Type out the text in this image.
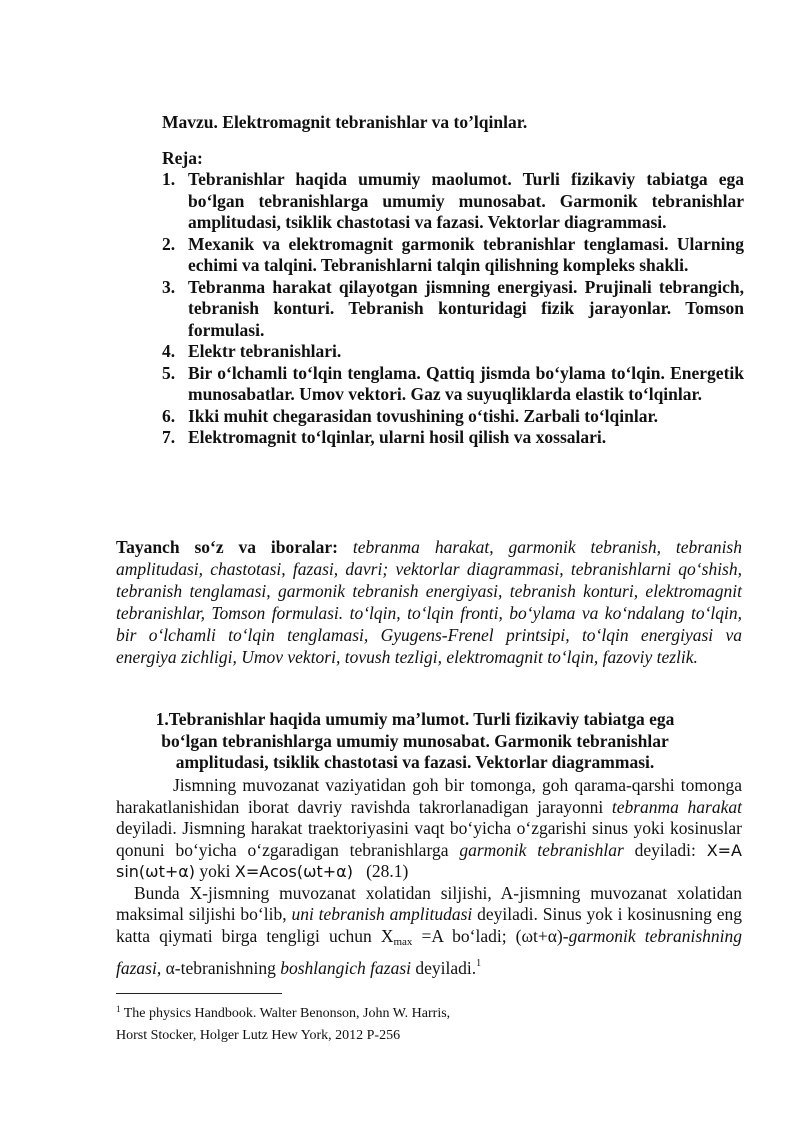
Mavzu. Elektromagnit tebranishlar va to’lqinlar.
Reja:
1. Tebranishlar haqida umumiy maolumot. Turli fizikaviy tabiatga ega bo‘lgan tebranishlarga umumiy munosabat. Garmonik tebranishlar amplitudasi, tsiklik chastotasi va fazasi. Vektorlar diagrammasi.
2. Mexanik va elektromagnit garmonik tebranishlar tenglamasi. Ularning echimi va talqini. Tebranishlarni talqin qilishning kompleks shakli.
3. Tebranma harakat qilayotgan jismning energiyasi. Prujinali tebrangich, tebranish konturi. Tebranish konturidagi fizik jarayonlar. Tomson formulasi.
4. Elektr tebranishlari.
5. Bir o‘lchamli to‘lqin tenglama. Qattiq jismda bo‘ylama to‘lqin. Energetik munosabatlar. Umov vektori. Gaz va suyuqliklarda elastik to‘lqinlar.
6. Ikki muhit chegarasidan tovushining o‘tishi. Zarbali to‘lqinlar.
7. Elektromagnit to‘lqinlar, ularni hosil qilish va xossalari.
Tayanch so‘z va iboralar: tebranma harakat, garmonik tebranish, tebranish amplitudasi, chastotasi, fazasi, davri; vektorlar diagrammasi, tebranishlarni qo‘shish, tebranish tenglamasi, garmonik tebranish energiyasi, tebranish konturi, elektromagnit tebranishlar, Tomson formulasi. to‘lqin, to‘lqin fronti, bo‘ylama va ko‘ndalang to‘lqin, bir o‘lchamli to‘lqin tenglamasi, Gyugens-Frenel printsipi, to‘lqin energiyasi va energiya zichligi, Umov vektori, tovush tezligi, elektromagnit to‘lqin, fazoviy tezlik.
1.Tebranishlar haqida umumiy ma’lumot. Turli fizikaviy tabiatga ega bo‘lgan tebranishlarga umumiy munosabat. Garmonik tebranishlar amplitudasi, tsiklik chastotasi va fazasi. Vektorlar diagrammasi.

Jismning muvozanat vaziyatidan goh bir tomonga, goh qarama-qarshi tomonga harakatlanishidan iborat davriy ravishda takrorlanadigan jarayonni tebranma harakat deyiladi. Jismning harakat traektoriyasini vaqt bo‘yicha o‘zgarishi sinus yoki kosinuslar qonuni bo‘yicha o‘zgaradigan tebranishlarga garmonik tebranishlar deyiladi: X=A sin(ωt+α) yoki X=Acos(ωt+α) (28.1)

Bunda X-jismning muvozanat xolatidan siljishi, A-jismning muvozanat xolatidan maksimal siljishi bo‘lib, uni tebranish amplitudasi deyiladi. Sinus yok i kosinusning eng katta qiymati birga tengligi uchun Xmax =A bo‘ladi; (ωt+α)-garmonik tebranishning fazasi, α-tebranishning boshlangich fazasi deyiladi.$^1$

$^1$ The physics Handbook. Walter Benonson, John W. Harris,

Horst Stocker, Holger Lutz Hew York, 2012 P-256
